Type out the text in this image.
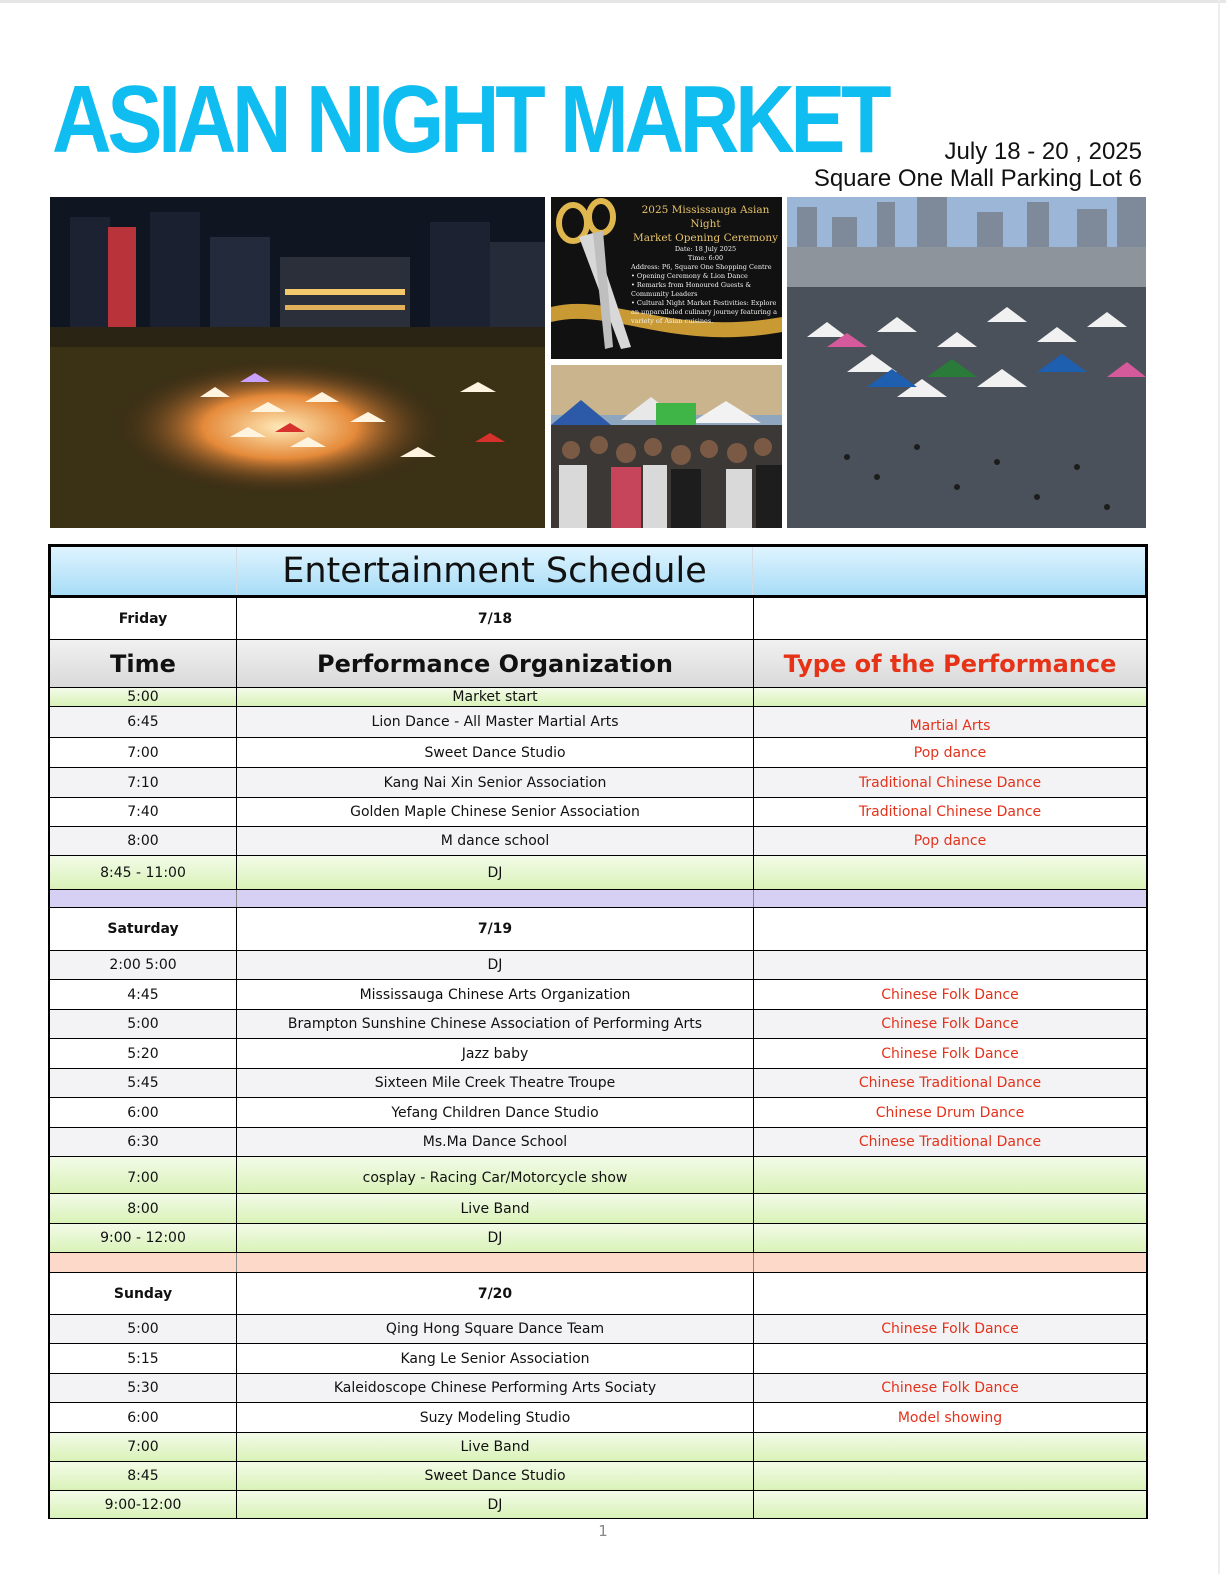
ASIAN NIGHT MARKET July 18 - 20 , 2025
Square One Mall Parking Lot 6
2025 Mississauga Asian Night
Market Opening Ceremony
Date: 18 July 2025
Time: 6:00
Address: P6, Square One Shopping Centre
• Opening Ceremony & Lion Dance
• Remarks from Honoured Guests & Community Leaders
• Cultural Night Market Festivities: Explore an unparalleled culinary journey featuring a variety of Asian cuisines.
Entertainment Schedule
Friday	7/18
Time	Performance Organization	Type of the Performance
5:00	Market start
6:45	Lion Dance - All Master Martial Arts	Martial Arts
7:00	Sweet Dance Studio	Pop dance
7:10	Kang Nai Xin Senior Association	Traditional Chinese Dance
7:40	Golden Maple Chinese Senior Association	Traditional Chinese Dance
8:00	M dance school	Pop dance
8:45 - 11:00	DJ
Saturday	7/19
2:00 5:00	DJ
4:45	Mississauga Chinese Arts Organization	Chinese Folk Dance
5:00	Brampton Sunshine Chinese Association of Performing Arts	Chinese Folk Dance
5:20	Jazz baby	Chinese Folk Dance
5:45	Sixteen Mile Creek Theatre Troupe	Chinese Traditional Dance
6:00	Yefang Children Dance Studio	Chinese Drum Dance
6:30	Ms.Ma Dance School	Chinese Traditional Dance
7:00	cosplay - Racing Car/Motorcycle show
8:00	Live Band
9:00 - 12:00	DJ
Sunday	7/20
5:00	Qing Hong Square Dance Team	Chinese Folk Dance
5:15	Kang Le Senior Association
5:30	Kaleidoscope Chinese Performing Arts Sociaty	Chinese Folk Dance
6:00	Suzy Modeling Studio	Model showing
7:00	Live Band
8:45	Sweet Dance Studio
9:00-12:00	DJ
1
